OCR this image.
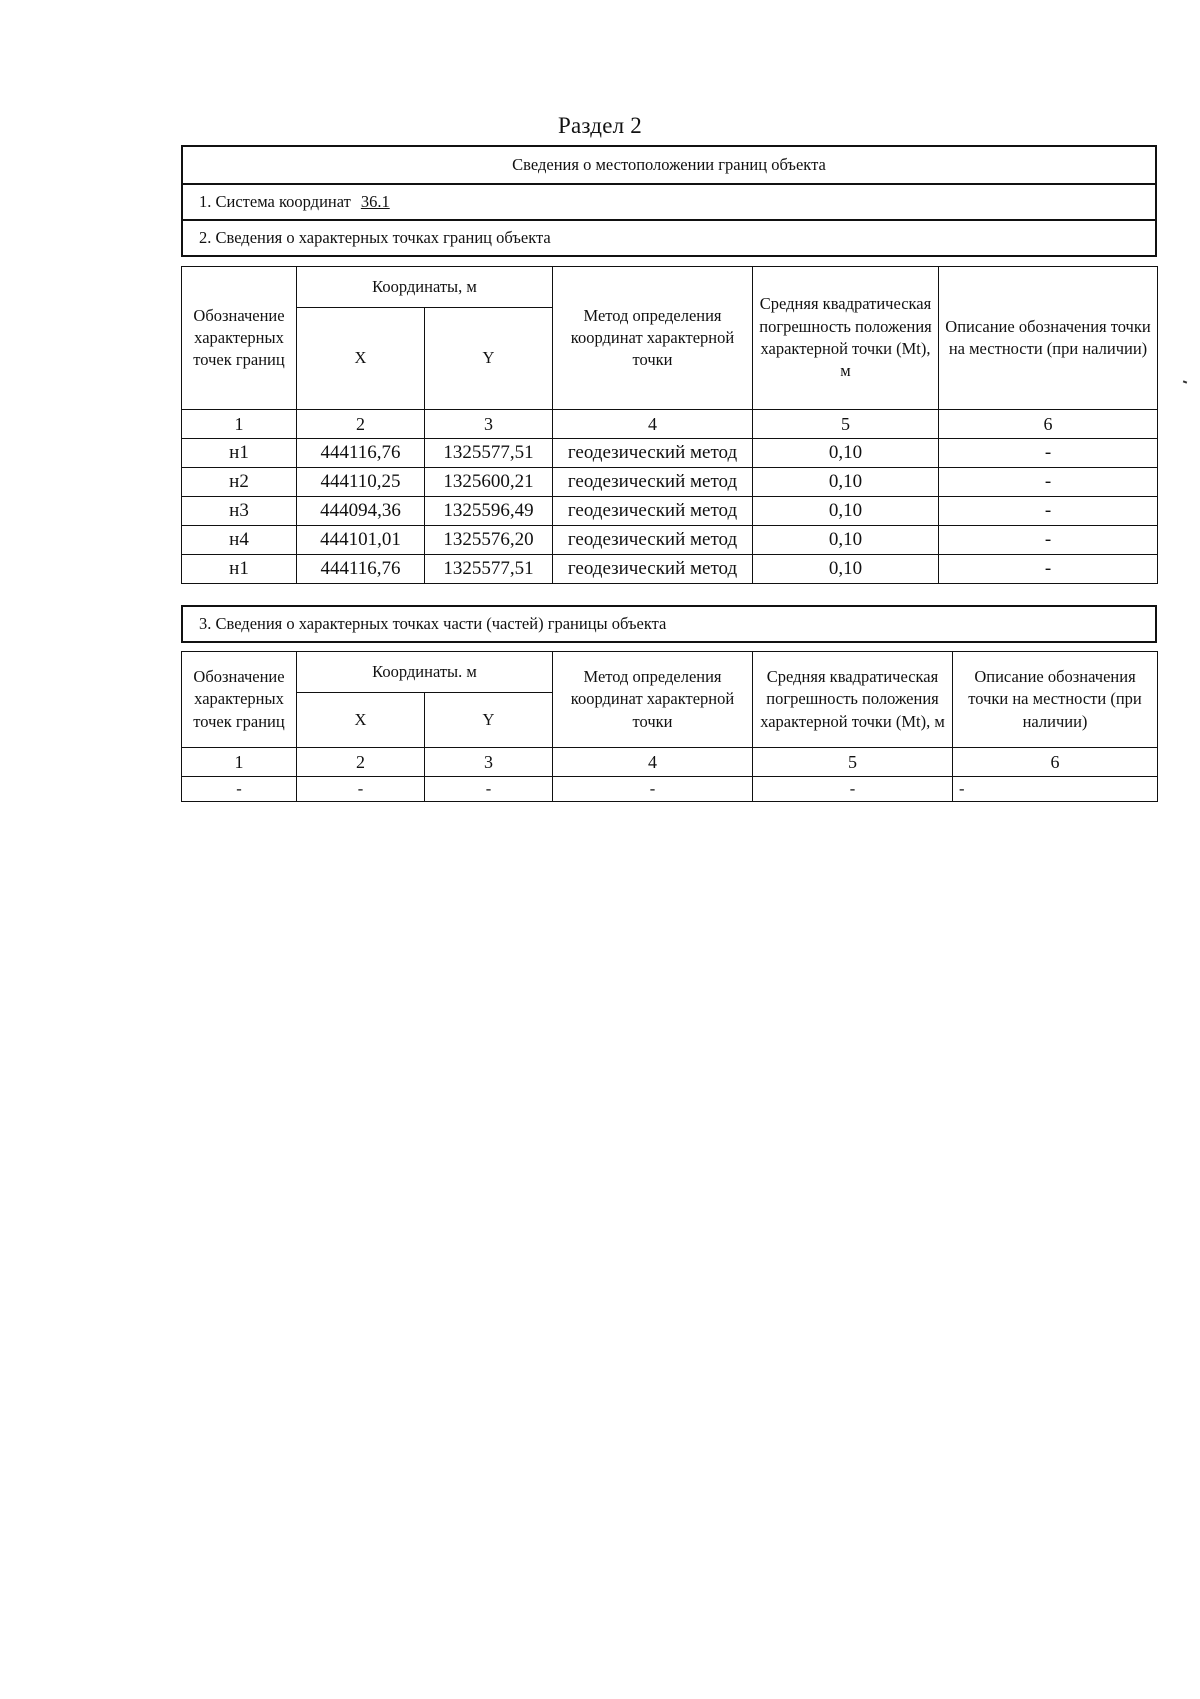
Раздел 2
Сведения о местоположении границ объекта
1. Система координат 36.1
2. Сведения о характерных точках границ объекта
Обозначение характерных точек границ	Координаты, м		Метод определения координат характерной точки	Средняя квадратическая погрешность положения характерной точки (Mt), м	Описание обозначения точки на местности (при наличии)
	X	Y			
1	2	3	4	5	6
н1	444116,76	1325577,51	геодезический метод	0,10	-
н2	444110,25	1325600,21	геодезический метод	0,10	-
н3	444094,36	1325596,49	геодезический метод	0,10	-
н4	444101,01	1325576,20	геодезический метод	0,10	-
н1	444116,76	1325577,51	геодезический метод	0,10	-
3. Сведения о характерных точках части (частей) границы объекта
Обозначение характерных точек границ	Координаты. м		Метод определения координат характерной точки	Средняя квадратическая погрешность положения характерной точки (Mt), м	Описание обозначения точки на местности (при наличии)
	X	Y			
1	2	3	4	5	6
-	-	-	-	-	-
